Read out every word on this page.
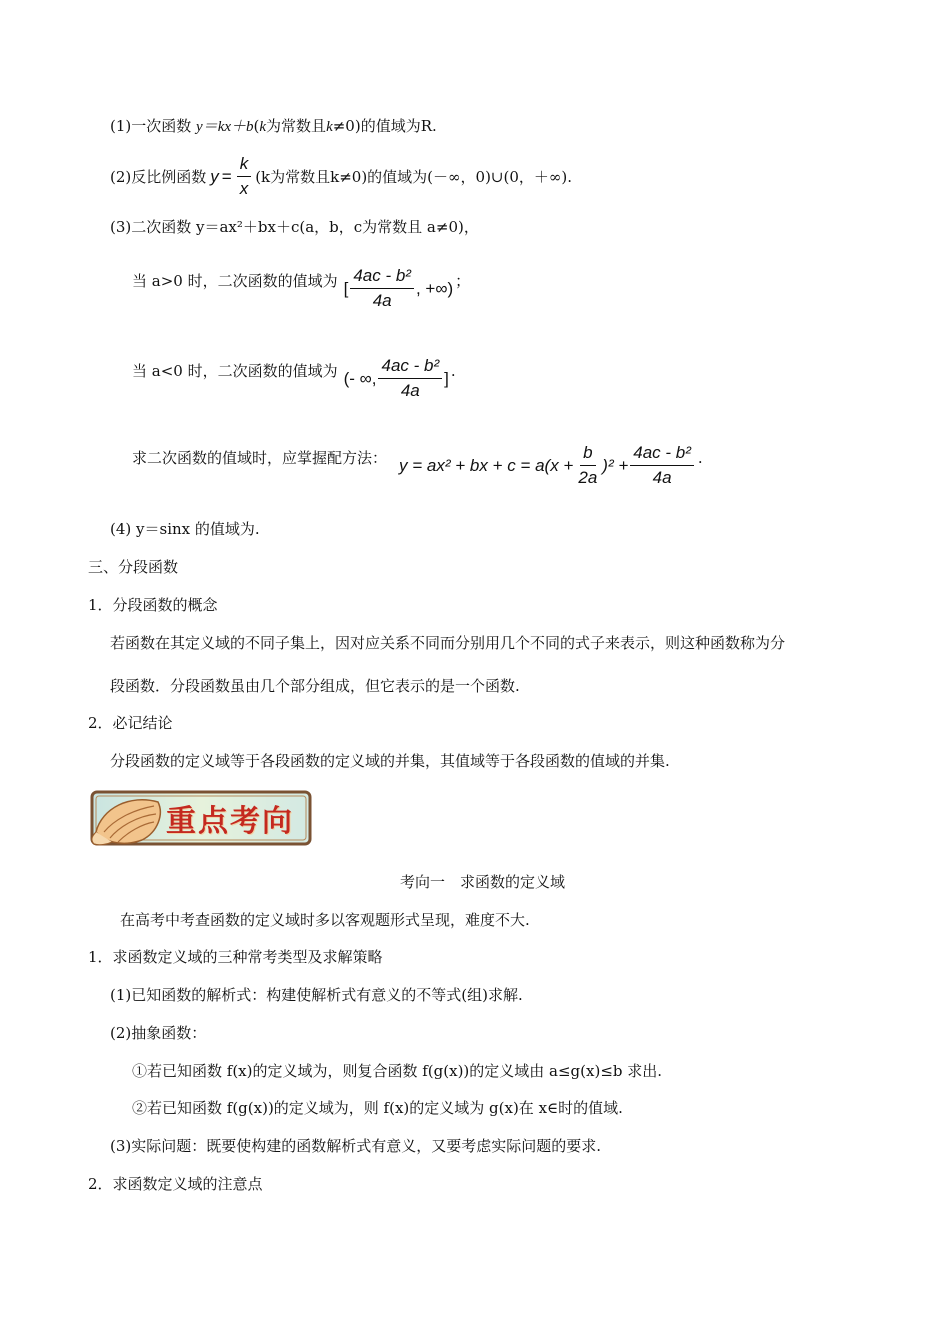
(1)一次函数 y＝kx＋b(k为常数且k≠0)的值域为R.
(2)反比例函数 $y = \frac{k}{x} (k$为常数且k≠0)的值域为(－∞，0)∪(0，＋∞).
(3)二次函数 y＝ax²＋bx＋c(a，b，c为常数且 a≠0)，
当 a>0 时，二次函数的值域为 [ $\frac{\text{4ac - b²}}{4a}$ , +∞) ；
当 a<0 时，二次函数的值域为 (- ∞, $\frac{\text{4ac - b²}}{4a}$ ] .
求二次函数的值域时，应掌握配方法： y = ax² + bx + $c = a(x + \frac{b}{2a} )^2 + \frac{\text{4ac - b²}}{4a}$ .
(4) y＝sinx 的值域为.
三、分段函数
1．分段函数的概念
若函数在其定义域的不同子集上，因对应关系不同而分别用几个不同的式子来表示，则这种函数称为分
段函数．分段函数虽由几个部分组成，但它表示的是一个函数.
2．必记结论
分段函数的定义域等于各段函数的定义域的并集，其值域等于各段函数的值域的并集.
重点考向
考向一　求函数的定义域
在高考中考查函数的定义域时多以客观题形式呈现，难度不大.
1．求函数定义域的三种常考类型及求解策略
(1)已知函数的解析式：构建使解析式有意义的不等式(组)求解.
(2)抽象函数：
①若已知函数 f(x)的定义域为，则复合函数 f(g(x))的定义域由 a≤g(x)≤b 求出.
②若已知函数 f(g(x))的定义域为，则 f(x)的定义域为 g(x)在 x∈时的值域.
(3)实际问题：既要使构建的函数解析式有意义，又要考虑实际问题的要求.
2．求函数定义域的注意点
